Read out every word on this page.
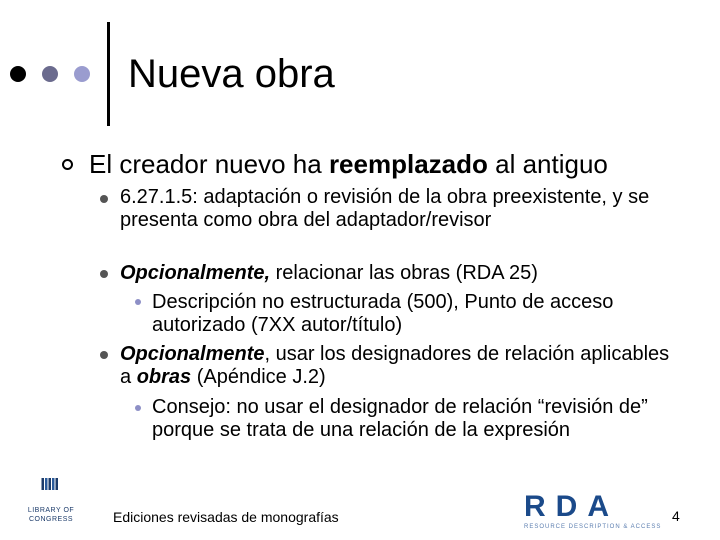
Nueva obra
El creador nuevo ha reemplazado al antiguo
6.27.1.5: adaptación o revisión de la obra preexistente, y se presenta como obra del adaptador/revisor
Opcionalmente, relacionar las obras (RDA 25)
Descripción no estructurada (500), Punto de acceso autorizado (7XX autor/título)
Opcionalmente, usar los designadores de relación aplicables a obras (Apéndice J.2)
Consejo: no usar el designador de relación “revisión de” porque se trata de una relación de la expresión
LIBRARY OF CONGRESS	Ediciones revisadas de monografías	RDA
RESOURCE DESCRIPTION & ACCESS
4
